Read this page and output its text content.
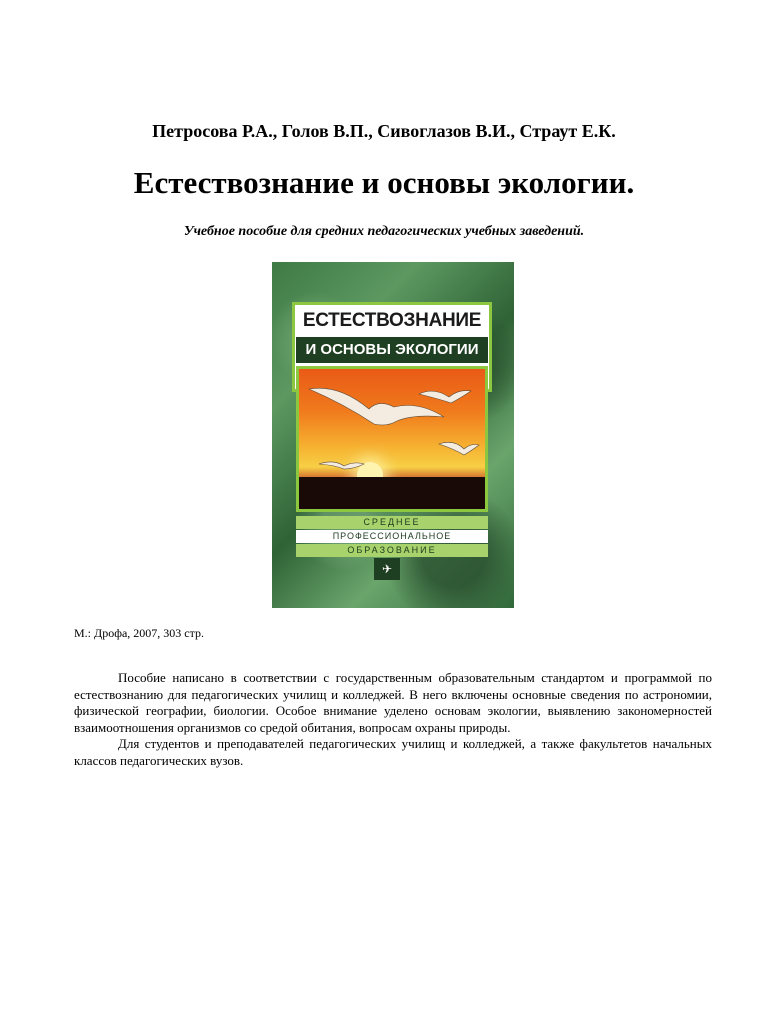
Петросова Р.А., Голов В.П., Сивоглазов В.И., Страут Е.К.
Естествознание и основы экологии.
Учебное пособие для средних педагогических учебных заведений.
ЕСТЕСТВОЗНАНИЕ
И ОСНОВЫ ЭКОЛОГИИ
СРЕДНЕЕ
ПРОФЕССИОНАЛЬНОЕ
ОБРАЗОВАНИЕ
✈
М.: Дрофа, 2007, 303 стр.

Пособие написано в соответствии с государственным образовательным стандартом и программой по естествознанию для педагогических училищ и колледжей. В него включены основные сведения по астрономии, физической географии, биологии. Особое внимание уделено основам экологии, выявлению закономерностей взаимоотношения организмов со средой обитания, вопросам охраны природы.

Для студентов и преподавателей педагогических училищ и колледжей, а также факультетов начальных классов педагогических вузов.
